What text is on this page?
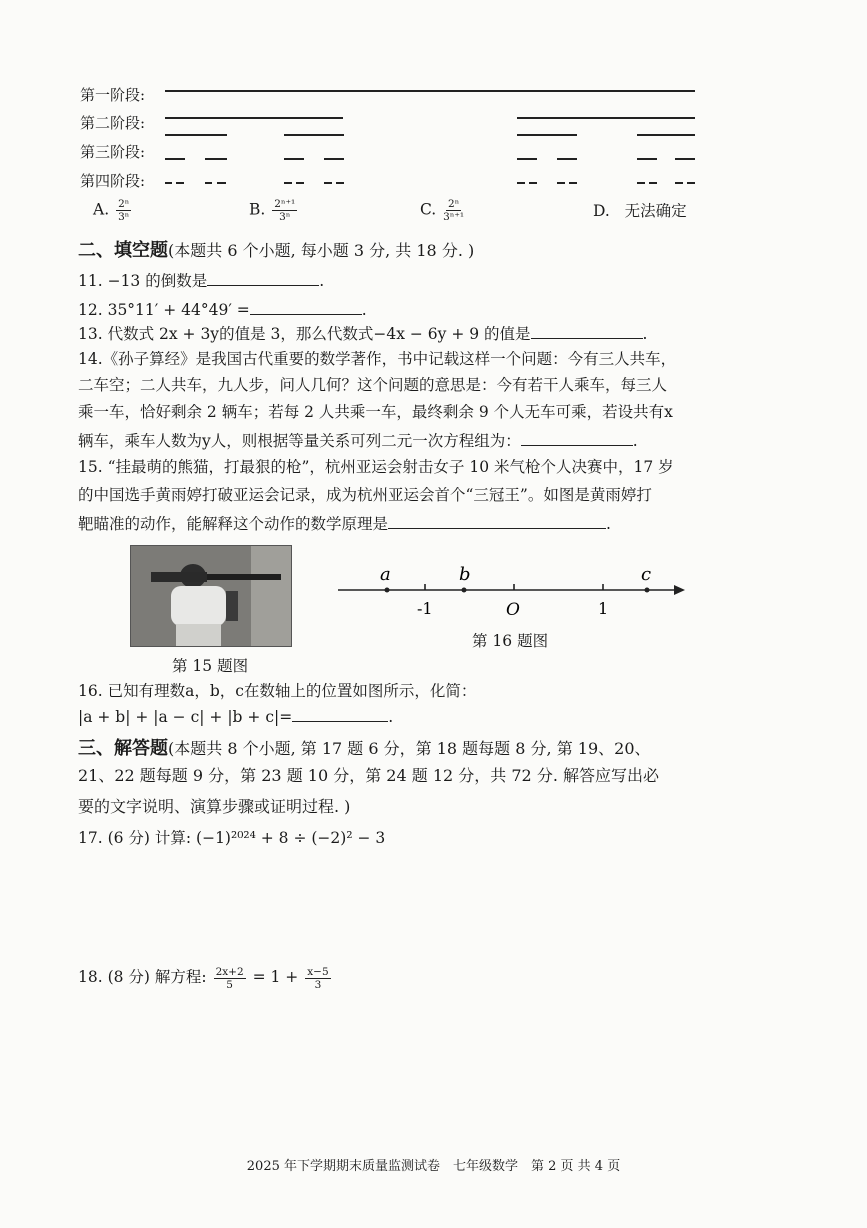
第一阶段:
第二阶段:
第三阶段:
第四阶段:
A. $\frac{\text{2ⁿ}}{\text{3ⁿ}}$	B. $\frac{\text{2ⁿ⁺¹}}{\text{3ⁿ}}$	C. $\frac{\text{2ⁿ}}{\text{3ⁿ⁺¹}}$	D. 无法确定
二、填空题(本题共 6 个小题, 每小题 3 分, 共 18 分. )
11. −13 的倒数是	.
12. 35°11′ + 44°49′ =	.
13. 代数式 2x + 3y的值是 3，那么代数式−4x − 6y + 9 的值是	.
14.《孙子算经》是我国古代重要的数学著作，书中记载这样一个问题：今有三人共车，
二车空；二人共车，九人步，问人几何？这个问题的意思是：今有若干人乘车，每三人
乘一车，恰好剩余 2 辆车；若每 2 人共乘一车，最终剩余 9 个人无车可乘，若设共有x
辆车，乘车人数为y人，则根据等量关系可列二元一次方程组为：	.
15. “挂最萌的熊猫，打最狠的枪”，杭州亚运会射击女子 10 米气枪个人决赛中，17 岁
的中国选手黄雨婷打破亚运会记录，成为杭州亚运会首个“三冠王”。如图是黄雨婷打
靶瞄准的动作，能解释这个动作的数学原理是	.
第 15 题图
a	b	c
-1	O	1
第 16 题图
16. 已知有理数a，b，c在数轴上的位置如图所示，化简：
|a + b| + |a − c| + |b + c|=	.
三、解答题(本题共 8 个小题, 第 17 题 6 分，第 18 题每题 8 分, 第 19、20、
21、22 题每题 9 分，第 23 题 10 分，第 24 题 12 分，共 72 分. 解答应写出必
要的文字说明、演算步骤或证明过程. )
17. (6 分) 计算: (−1)²⁰²⁴ + 8 ÷ (−2)² − 3
18. (8 分) 解方程: $\frac{2x+2}{5} = 1 + \frac{x-5}{3}$
2025 年下学期期末质量监测试卷　七年级数学　第 2 页 共 4 页
